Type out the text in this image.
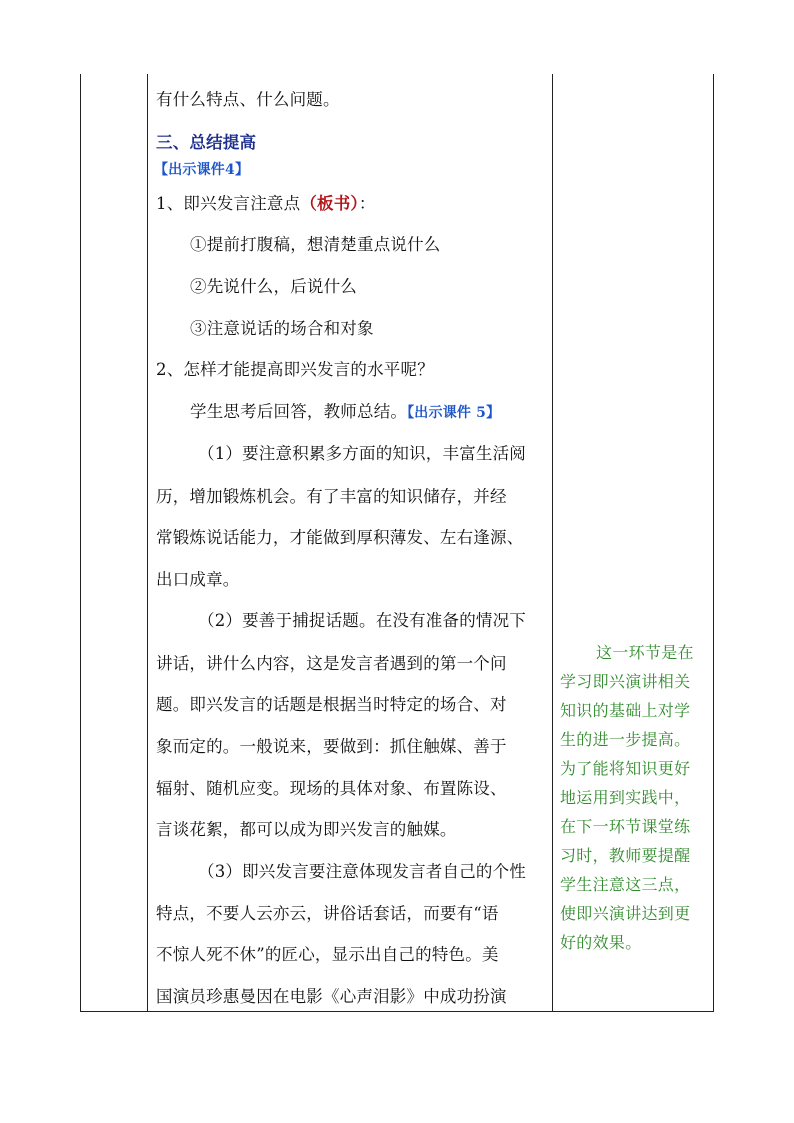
有什么特点、什么问题。
三、总结提高
【出示课件4】
1、即兴发言注意点（板书）：
①提前打腹稿，想清楚重点说什么
②先说什么，后说什么
③注意说话的场合和对象
2、怎样才能提高即兴发言的水平呢？
学生思考后回答，教师总结。【出示课件 5】
（1）要注意积累多方面的知识，丰富生活阅
历，增加锻炼机会。有了丰富的知识储存，并经
常锻炼说话能力，才能做到厚积薄发、左右逢源、
出口成章。
（2）要善于捕捉话题。在没有准备的情况下
讲话，讲什么内容，这是发言者遇到的第一个问
题。即兴发言的话题是根据当时特定的场合、对
象而定的。一般说来，要做到：抓住触媒、善于
辐射、随机应变。现场的具体对象、布置陈设、
言谈花絮，都可以成为即兴发言的触媒。
（3）即兴发言要注意体现发言者自己的个性
特点，不要人云亦云，讲俗话套话，而要有“语
不惊人死不休”的匠心，显示出自己的特色。美
国演员珍惠曼因在电影《心声泪影》中成功扮演
这一环节是在
学习即兴演讲相关
知识的基础上对学
生的进一步提高。
为了能将知识更好
地运用到实践中，
在下一环节课堂练
习时，教师要提醒
学生注意这三点，
使即兴演讲达到更
好的效果。
